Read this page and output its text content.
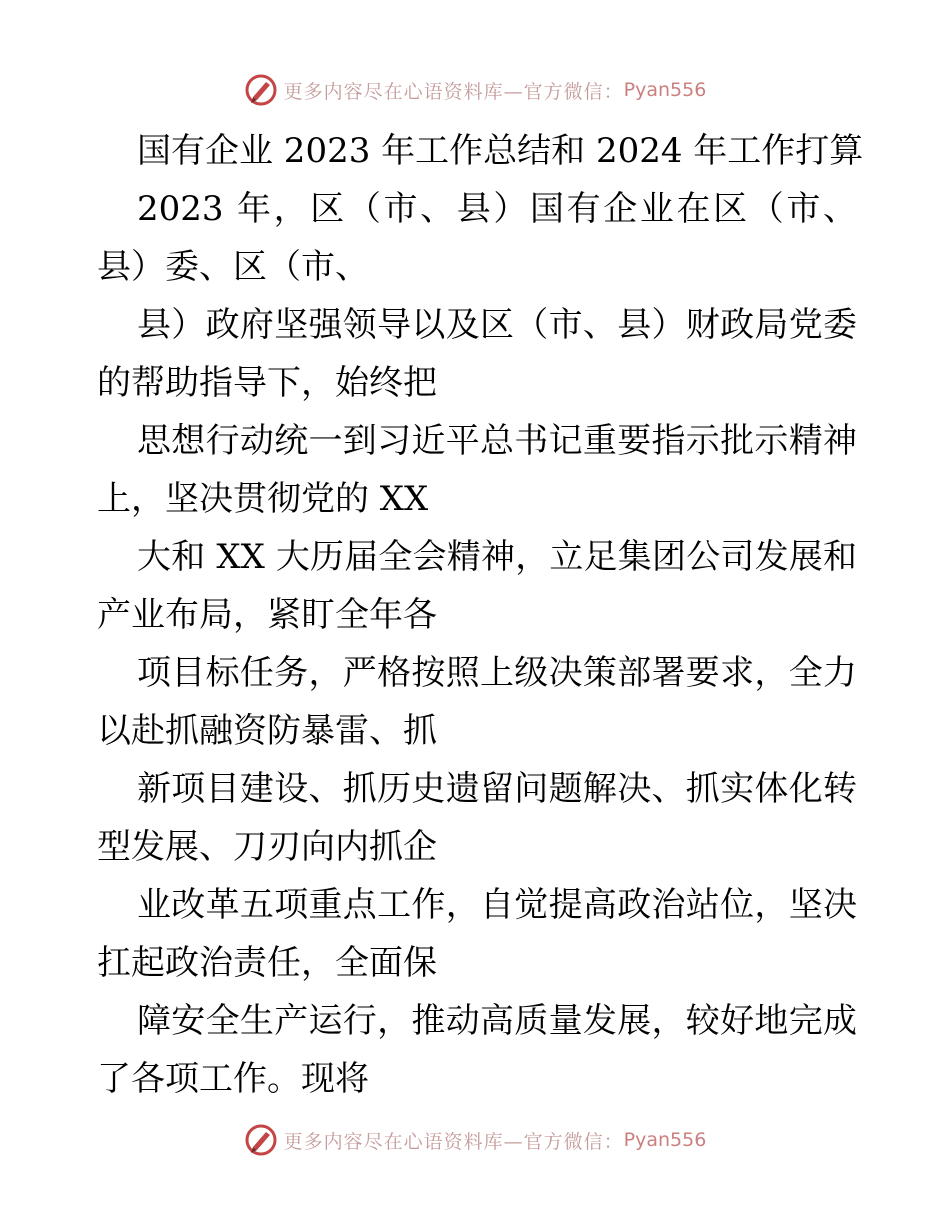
更多内容尽在心语资料库—官方微信： Pyan556
国有企业 2023 年工作总结和 2024 年工作打算
2023 年，区（市、县）国有企业在区（市、
县）委、区（市、
县）政府坚强领导以及区（市、县）财政局党委
的帮助指导下，始终把
思想行动统一到习近平总书记重要指示批示精神
上，坚决贯彻党的 XX
大和 XX 大历届全会精神，立足集团公司发展和
产业布局，紧盯全年各
项目标任务，严格按照上级决策部署要求，全力
以赴抓融资防暴雷、抓
新项目建设、抓历史遗留问题解决、抓实体化转
型发展、刀刃向内抓企
业改革五项重点工作，自觉提高政治站位，坚决
扛起政治责任，全面保
障安全生产运行，推动高质量发展，较好地完成
了各项工作。现将
更多内容尽在心语资料库—官方微信： Pyan556
